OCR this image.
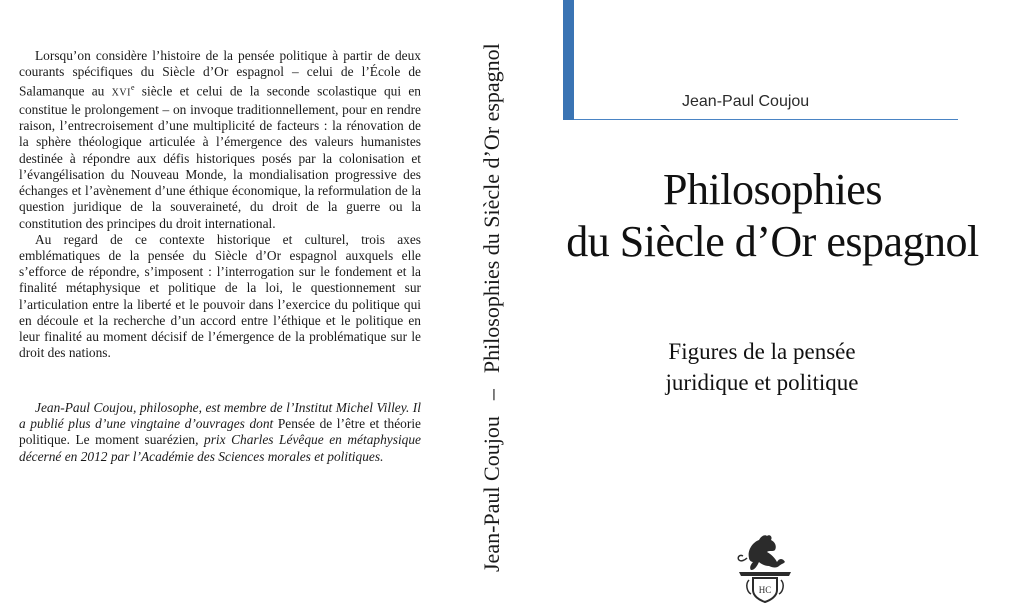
Lorsqu’on considère l’histoire de la pensée politique à partir de deux courants spécifiques du Siècle d’Or espagnol – celui de l’École de Salamanque au XVIe siècle et celui de la seconde scolastique qui en constitue le prolongement – on invoque traditionnellement, pour en rendre raison, l’entrecroisement d’une multiplicité de facteurs : la rénovation de la sphère théologique articulée à l’émergence des valeurs humanistes destinée à répondre aux défis historiques posés par la colonisation et l’évangélisation du Nouveau Monde, la mondialisation progressive des échanges et l’avènement d’une éthique économique, la reformulation de la question juridique de la souveraineté, du droit de la guerre ou la constitution des principes du droit international.

Au regard de ce contexte historique et culturel, trois axes emblématiques de la pensée du Siècle d’Or espagnol auxquels elle s’efforce de répondre, s’imposent : l’interrogation sur le fondement et la finalité métaphysique et politique de la loi, le questionnement sur l’articulation entre la liberté et le pouvoir dans l’exercice du politique qui en découle et la recherche d’un accord entre l’éthique et le politique en leur finalité au moment décisif de l’émergence de la problématique sur le droit des nations.

Jean-Paul Coujou, philosophe, est membre de l’Institut Michel Villey. Il a publié plus d’une vingtaine d’ouvrages dont Pensée de l’être et théorie politique. Le moment suarézien, prix Charles Lévêque en métaphysique décerné en 2012 par l’Académie des Sciences morales et politiques.	Jean-Paul Coujou–Philosophies du Siècle d’Or espagnol	Jean-Paul Coujou
Philosophies
du Siècle d’Or espagnol
Figures de la pensée
juridique et politique
HC
